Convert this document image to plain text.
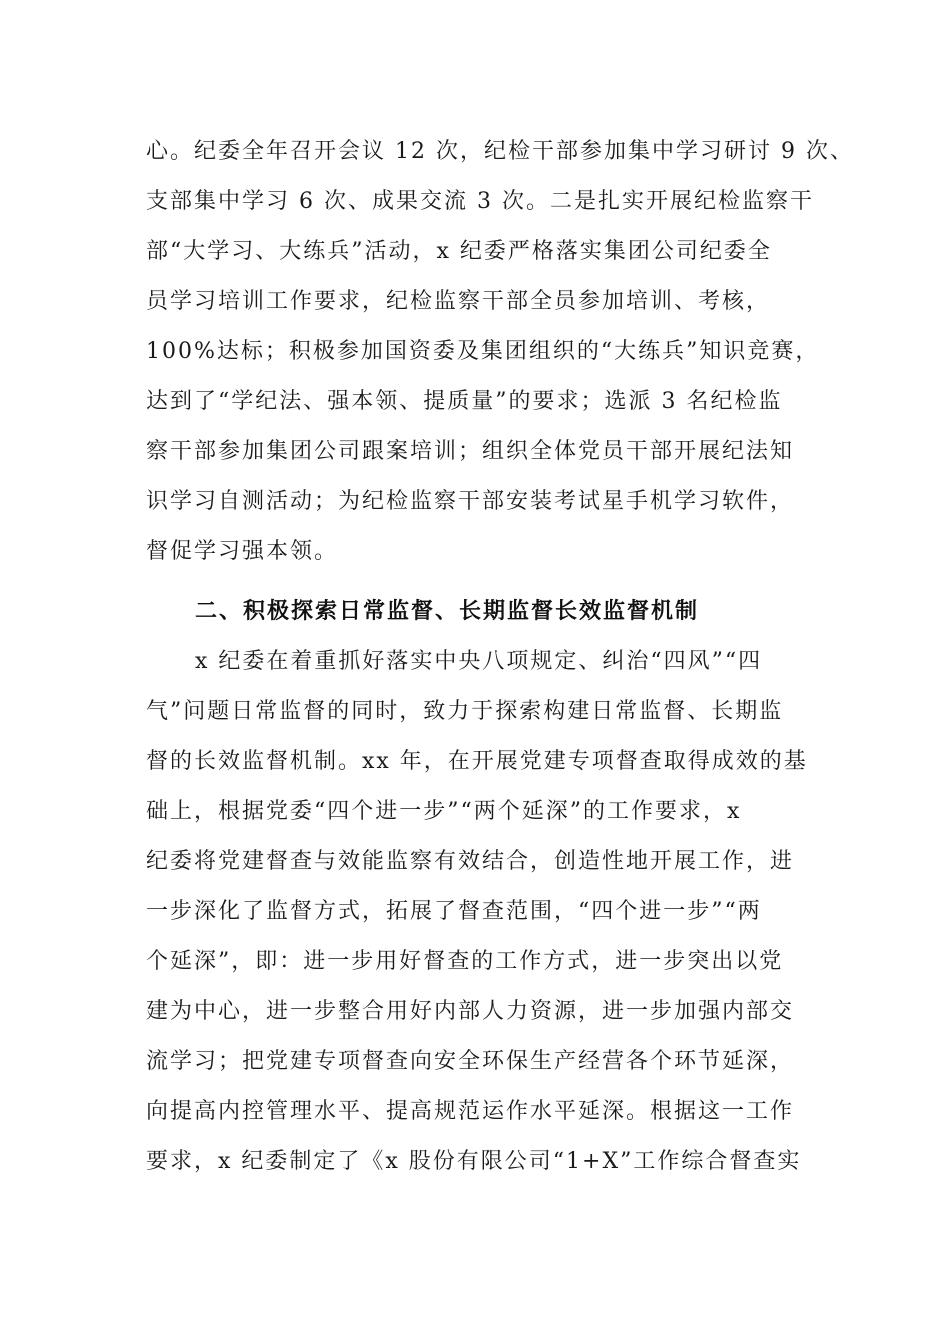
心。纪委全年召开会议 12 次，纪检干部参加集中学习研讨 9 次、
支部集中学习 6 次、成果交流 3 次。二是扎实开展纪检监察干
部“大学习、大练兵”活动，x 纪委严格落实集团公司纪委全
员学习培训工作要求，纪检监察干部全员参加培训、考核，
100%达标；积极参加国资委及集团组织的“大练兵”知识竞赛，
达到了“学纪法、强本领、提质量”的要求；选派 3 名纪检监
察干部参加集团公司跟案培训；组织全体党员干部开展纪法知
识学习自测活动；为纪检监察干部安装考试星手机学习软件，
督促学习强本领。
二、积极探索日常监督、长期监督长效监督机制
x 纪委在着重抓好落实中央八项规定、纠治“四风”“四
气”问题日常监督的同时，致力于探索构建日常监督、长期监
督的长效监督机制。xx 年，在开展党建专项督查取得成效的基
础上，根据党委“四个进一步”“两个延深”的工作要求，x
纪委将党建督查与效能监察有效结合，创造性地开展工作，进
一步深化了监督方式，拓展了督查范围，“四个进一步”“两
个延深”，即：进一步用好督查的工作方式，进一步突出以党
建为中心，进一步整合用好内部人力资源，进一步加强内部交
流学习；把党建专项督查向安全环保生产经营各个环节延深，
向提高内控管理水平、提高规范运作水平延深。根据这一工作
要求，x 纪委制定了《x 股份有限公司“1+X”工作综合督查实
